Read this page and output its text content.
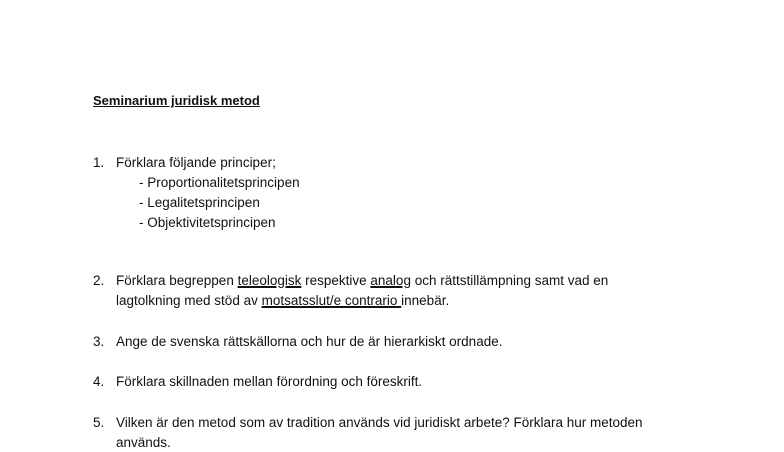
Seminarium juridisk metod
1. Förklara följande principer;
- Proportionalitetsprincipen
- Legalitetsprincipen
- Objektivitetsprincipen
2. Förklara begreppen teleologisk respektive analog och rättstillämpning samt vad en
lagtolkning med stöd av motsatsslut/e contrario innebär.
3. Ange de svenska rättskällorna och hur de är hierarkiskt ordnade.
4. Förklara skillnaden mellan förordning och föreskrift.
5. Vilken är den metod som av tradition används vid juridiskt arbete? Förklara hur metoden
används.
